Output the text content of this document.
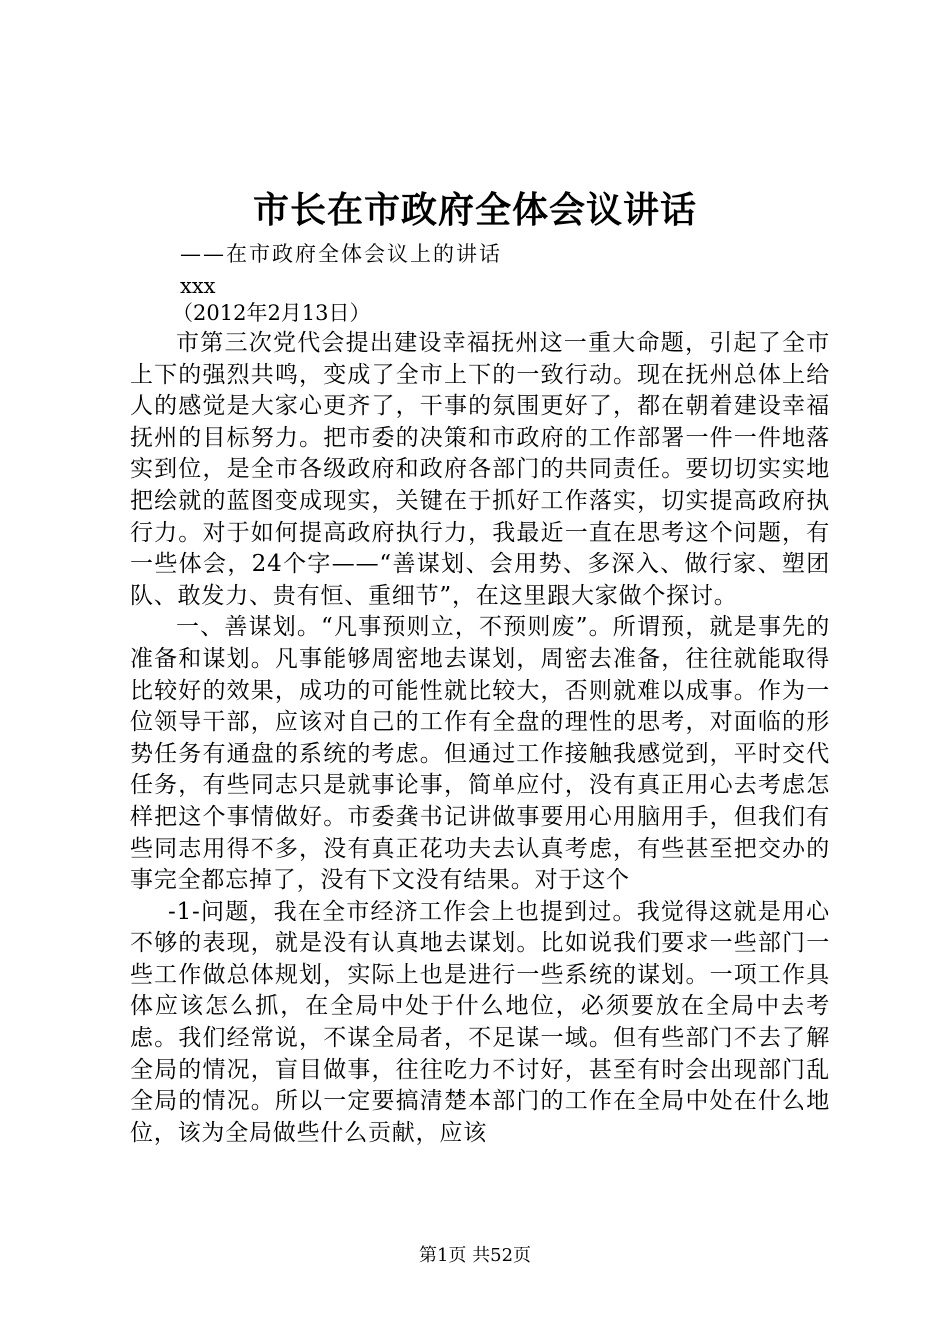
市长在市政府全体会议讲话
——在市政府全体会议上的讲话
xxx
（2012年2月13日）

市第三次党代会提出建设幸福抚州这一重大命题，引起了全市上下的强烈共鸣，变成了全市上下的一致行动。现在抚州总体上给人的感觉是大家心更齐了，干事的氛围更好了，都在朝着建设幸福抚州的目标努力。把市委的决策和市政府的工作部署一件一件地落实到位，是全市各级政府和政府各部门的共同责任。要切切实实地把绘就的蓝图变成现实，关键在于抓好工作落实，切实提高政府执行力。对于如何提高政府执行力，我最近一直在思考这个问题，有一些体会，24个字——“善谋划、会用势、多深入、做行家、塑团队、敢发力、贵有恒、重细节”，在这里跟大家做个探讨。

一、善谋划。“凡事预则立，不预则废”。所谓预，就是事先的准备和谋划。凡事能够周密地去谋划，周密去准备，往往就能取得比较好的效果，成功的可能性就比较大，否则就难以成事。作为一位领导干部，应该对自己的工作有全盘的理性的思考，对面临的形势任务有通盘的系统的考虑。但通过工作接触我感觉到，平时交代任务，有些同志只是就事论事，简单应付，没有真正用心去考虑怎样把这个事情做好。市委龚书记讲做事要用心用脑用手，但我们有些同志用得不多，没有真正花功夫去认真考虑，有些甚至把交办的事完全都忘掉了，没有下文没有结果。对于这个

-1-问题，我在全市经济工作会上也提到过。我觉得这就是用心不够的表现，就是没有认真地去谋划。比如说我们要求一些部门一些工作做总体规划，实际上也是进行一些系统的谋划。一项工作具体应该怎么抓，在全局中处于什么地位，必须要放在全局中去考虑。我们经常说，不谋全局者，不足谋一域。但有些部门不去了解全局的情况，盲目做事，往往吃力不讨好，甚至有时会出现部门乱全局的情况。所以一定要搞清楚本部门的工作在全局中处在什么地位，该为全局做些什么贡献，应该

第1页 共52页
